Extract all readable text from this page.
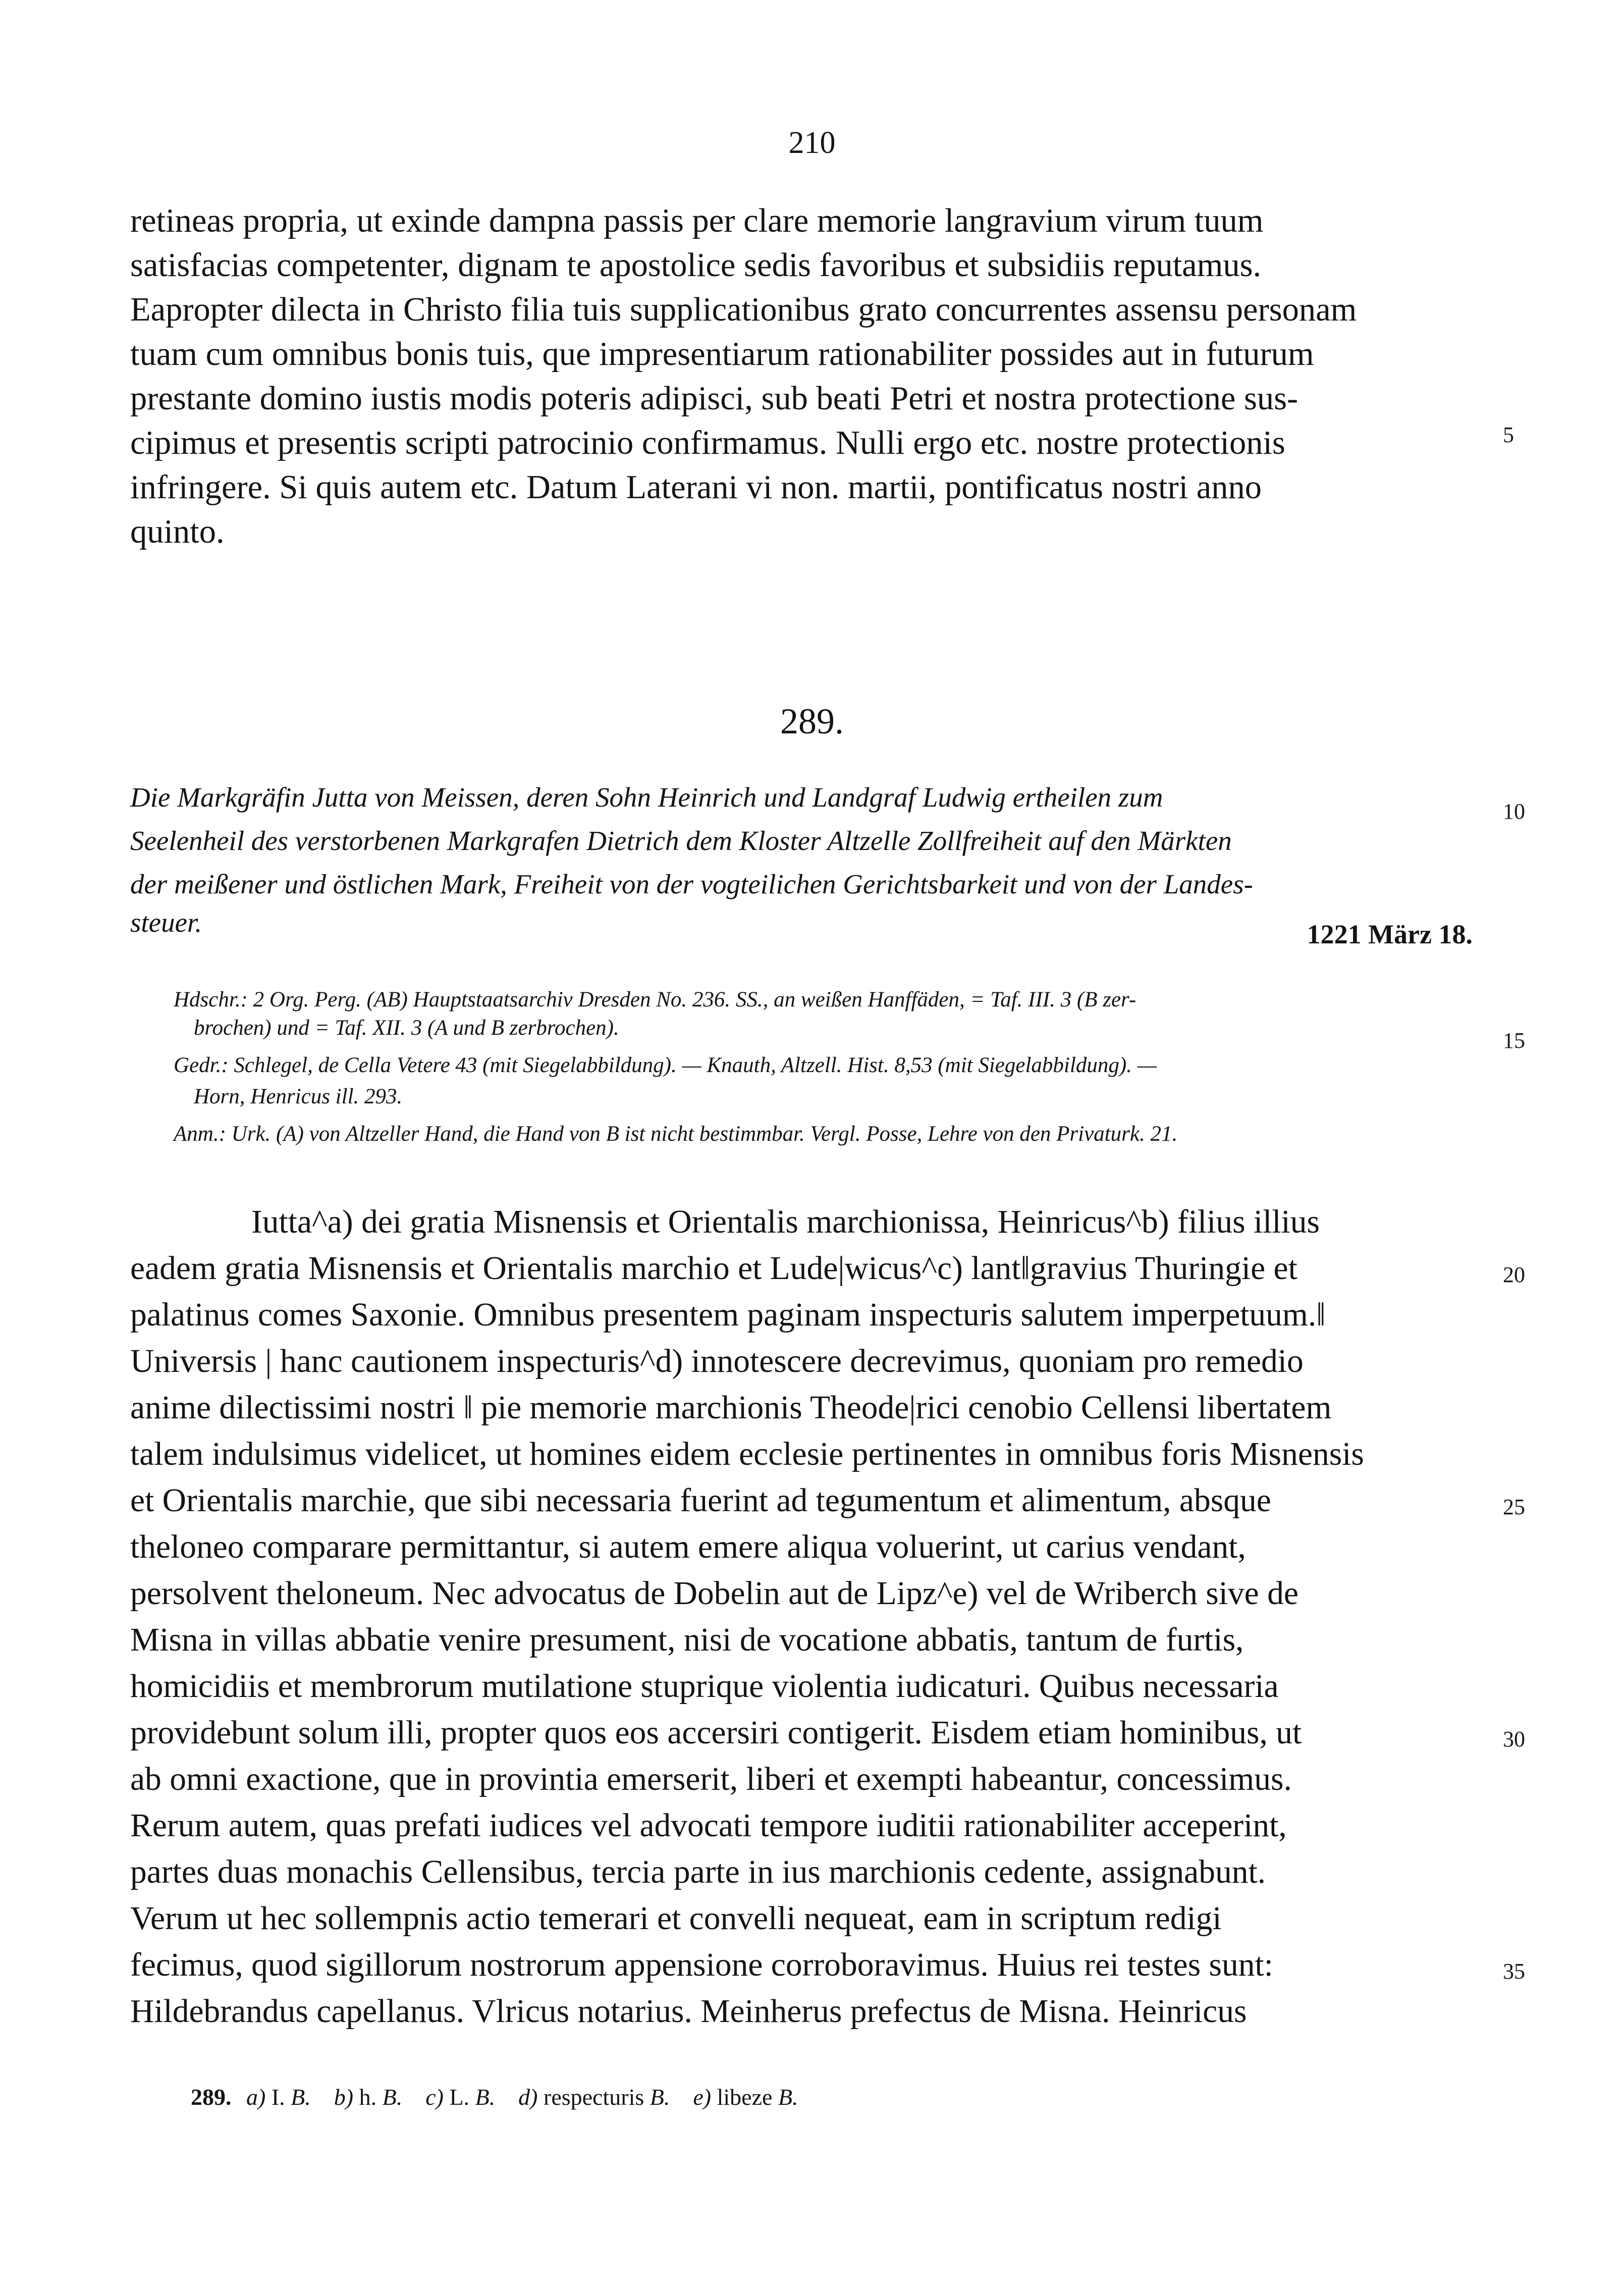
210
retineas propria, ut exinde dampna passis per clare memorie langravium virum tuum
satisfacias competenter, dignam te apostolice sedis favoribus et subsidiis reputamus.
Eapropter dilecta in Christo filia tuis supplicationibus grato concurrentes assensu personam
tuam cum omnibus bonis tuis, que impresentiarum rationabiliter possides aut in futurum
prestante domino iustis modis poteris adipisci, sub beati Petri et nostra protectione sus-
cipimus et presentis scripti patrocinio confirmamus. Nulli ergo etc. nostre protectionis
infringere. Si quis autem etc. Datum Laterani vi non. martii, pontificatus nostri anno
quinto.
289.
Die Markgräfin Jutta von Meissen, deren Sohn Heinrich und Landgraf Ludwig ertheilen zum
Seelenheil des verstorbenen Markgrafen Dietrich dem Kloster Altzelle Zollfreiheit auf den Märkten
der meißener und östlichen Mark, Freiheit von der vogteilichen Gerichtsbarkeit und von der Landes-
steuer.	1221 März 18.
Hdschr.: 2 Org. Perg. (AB) Hauptstaatsarchiv Dresden No. 236. SS., an weißen Hanffäden, = Taf. III. 3 (B zer-
brochen) und = Taf. XII. 3 (A und B zerbrochen).
Gedr.: Schlegel, de Cella Vetere 43 (mit Siegelabbildung). — Knauth, Altzell. Hist. 8,53 (mit Siegelabbildung). —
Horn, Henricus ill. 293.
Anm.: Urk. (A) von Altzeller Hand, die Hand von B ist nicht bestimmbar. Vergl. Posse, Lehre von den Privaturk. 21.
Iutta^a) dei gratia Misnensis et Orientalis marchionissa, Heinricus^b) filius illius
eadem gratia Misnensis et Orientalis marchio et Lude|wicus^c) lant‖gravius Thuringie et
palatinus comes Saxonie. Omnibus presentem paginam inspecturis salutem imperpetuum.‖
Universis | hanc cautionem inspecturis^d) innotescere decrevimus, quoniam pro remedio
anime dilectissimi nostri ‖ pie memorie marchionis Theode|rici cenobio Cellensi libertatem
talem indulsimus videlicet, ut homines eidem ecclesie pertinentes in omnibus foris Misnensis
et Orientalis marchie, que sibi necessaria fuerint ad tegumentum et alimentum, absque
theloneo comparare permittantur, si autem emere aliqua voluerint, ut carius vendant,
persolvent theloneum. Nec advocatus de Dobelin aut de Lipz^e) vel de Wriberch sive de
Misna in villas abbatie venire presument, nisi de vocatione abbatis, tantum de furtis,
homicidiis et membrorum mutilatione stuprique violentia iudicaturi. Quibus necessaria
providebunt solum illi, propter quos eos accersiri contigerit. Eisdem etiam hominibus, ut
ab omni exactione, que in provintia emerserit, liberi et exempti habeantur, concessimus.
Rerum autem, quas prefati iudices vel advocati tempore iuditii rationabiliter acceperint,
partes duas monachis Cellensibus, tercia parte in ius marchionis cedente, assignabunt.
Verum ut hec sollempnis actio temerari et convelli nequeat, eam in scriptum redigi
fecimus, quod sigillorum nostrorum appensione corroboravimus. Huius rei testes sunt:
Hildebrandus capellanus. Vlricus notarius. Meinherus prefectus de Misna. Heinricus
5
10
15
20
25
30
35
289. a) I. B. b) h. B. c) L. B. d) respecturis B. e) libeze B.
